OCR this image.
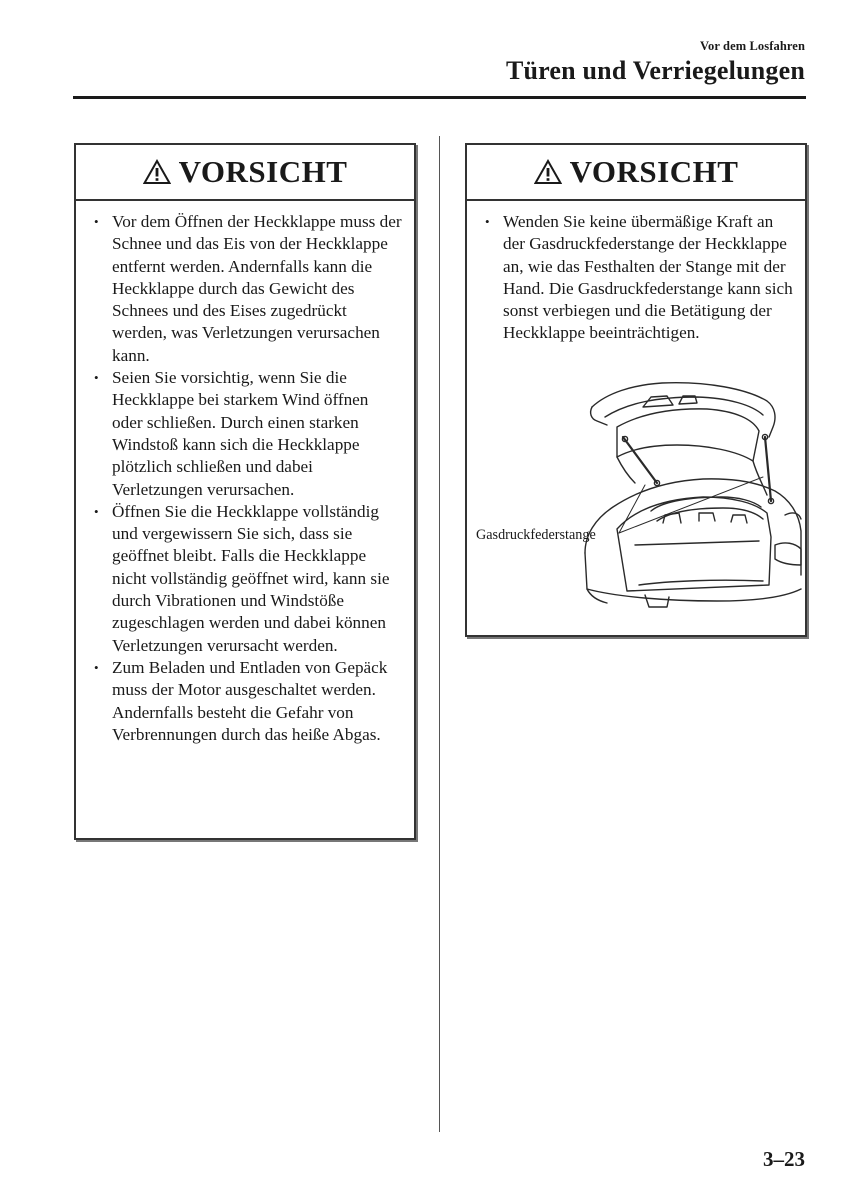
Vor dem Losfahren
Türen und Verriegelungen
VORSICHT
• Vor dem Öffnen der Heckklappe muss der Schnee und das Eis von der Heckklappe entfernt werden. Andernfalls kann die Heckklappe durch das Gewicht des Schnees und des Eises zugedrückt werden, was Verletzungen verursachen kann.
• Seien Sie vorsichtig, wenn Sie die Heckklappe bei starkem Wind öffnen oder schließen. Durch einen starken Windstoß kann sich die Heckklappe plötzlich schließen und dabei Verletzungen verursachen.
• Öffnen Sie die Heckklappe vollständig und vergewissern Sie sich, dass sie geöffnet bleibt. Falls die Heckklappe nicht vollständig geöffnet wird, kann sie durch Vibrationen und Windstöße zugeschlagen werden und dabei können Verletzungen verursacht werden.
• Zum Beladen und Entladen von Gepäck muss der Motor ausgeschaltet werden. Andernfalls besteht die Gefahr von Verbrennungen durch das heiße Abgas.
VORSICHT
• Wenden Sie keine übermäßige Kraft an der Gasdruckfederstange der Heckklappe an, wie das Festhalten der Stange mit der Hand. Die Gasdruckfederstange kann sich sonst verbiegen und die Betätigung der Heckklappe beeinträchtigen.
Gasdruckfederstange
3–23
